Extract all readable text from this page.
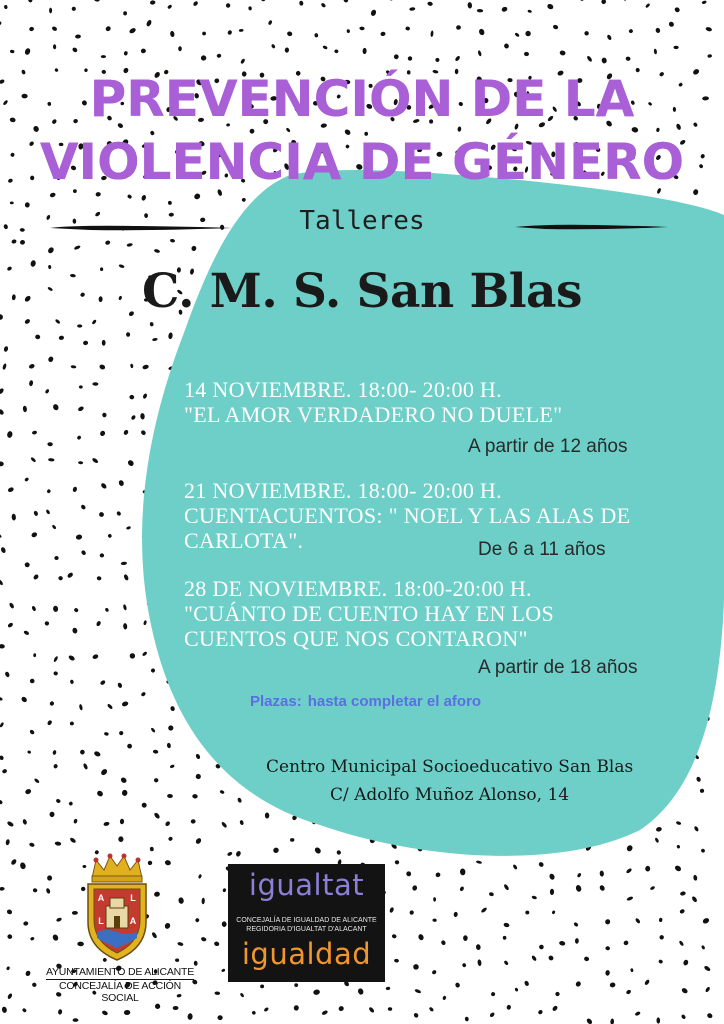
PREVENCIÓN DE LA
VIOLENCIA DE GÉNERO
Talleres
C. M. S. San Blas
14 NOVIEMBRE. 18:00- 20:00 H.
"EL AMOR VERDADERO NO DUELE"
A partir de 12 años
21 NOVIEMBRE. 18:00- 20:00 H.
CUENTACUENTOS: " NOEL Y LAS ALAS DE
CARLOTA".	De 6 a 11 años
28 DE NOVIEMBRE. 18:00-20:00 H.
"CUÁNTO DE CUENTO HAY EN LOS
CUENTOS QUE NOS CONTARON"
A partir de 18 años
Plazas: hasta completar el aforo
Centro Municipal Socioeducativo San Blas
C/ Adolfo Muñoz Alonso, 14
A	L
L	A
AYUNTAMIENTO DE ALICANTE
CONCEJALÍA DE ACCIÓN SOCIAL
igualtat
CONCEJALÍA DE IGUALDAD DE ALICANTE
REGIDORIA D'IGUALTAT D'ALACANT
igualdad
